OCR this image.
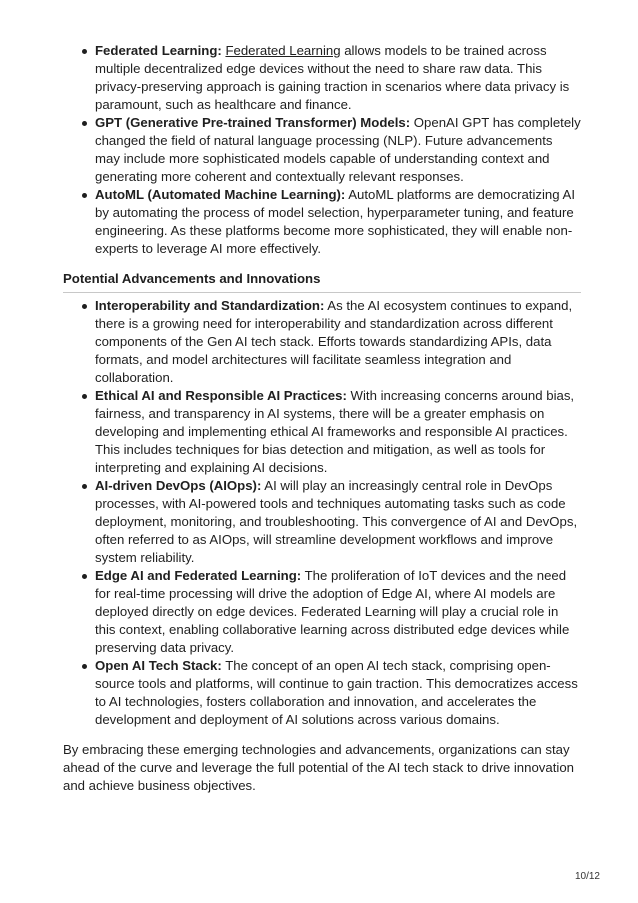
Federated Learning: Federated Learning allows models to be trained across multiple decentralized edge devices without the need to share raw data. This privacy-preserving approach is gaining traction in scenarios where data privacy is paramount, such as healthcare and finance.
GPT (Generative Pre-trained Transformer) Models: OpenAI GPT has completely changed the field of natural language processing (NLP). Future advancements may include more sophisticated models capable of understanding context and generating more coherent and contextually relevant responses.
AutoML (Automated Machine Learning): AutoML platforms are democratizing AI by automating the process of model selection, hyperparameter tuning, and feature engineering. As these platforms become more sophisticated, they will enable non-experts to leverage AI more effectively.
Potential Advancements and Innovations
Interoperability and Standardization: As the AI ecosystem continues to expand, there is a growing need for interoperability and standardization across different components of the Gen AI tech stack. Efforts towards standardizing APIs, data formats, and model architectures will facilitate seamless integration and collaboration.
Ethical AI and Responsible AI Practices: With increasing concerns around bias, fairness, and transparency in AI systems, there will be a greater emphasis on developing and implementing ethical AI frameworks and responsible AI practices. This includes techniques for bias detection and mitigation, as well as tools for interpreting and explaining AI decisions.
AI-driven DevOps (AIOps): AI will play an increasingly central role in DevOps processes, with AI-powered tools and techniques automating tasks such as code deployment, monitoring, and troubleshooting. This convergence of AI and DevOps, often referred to as AIOps, will streamline development workflows and improve system reliability.
Edge AI and Federated Learning: The proliferation of IoT devices and the need for real-time processing will drive the adoption of Edge AI, where AI models are deployed directly on edge devices. Federated Learning will play a crucial role in this context, enabling collaborative learning across distributed edge devices while preserving data privacy.
Open AI Tech Stack: The concept of an open AI tech stack, comprising open-source tools and platforms, will continue to gain traction. This democratizes access to AI technologies, fosters collaboration and innovation, and accelerates the development and deployment of AI solutions across various domains.

By embracing these emerging technologies and advancements, organizations can stay ahead of the curve and leverage the full potential of the AI tech stack to drive innovation and achieve business objectives.

10/12
